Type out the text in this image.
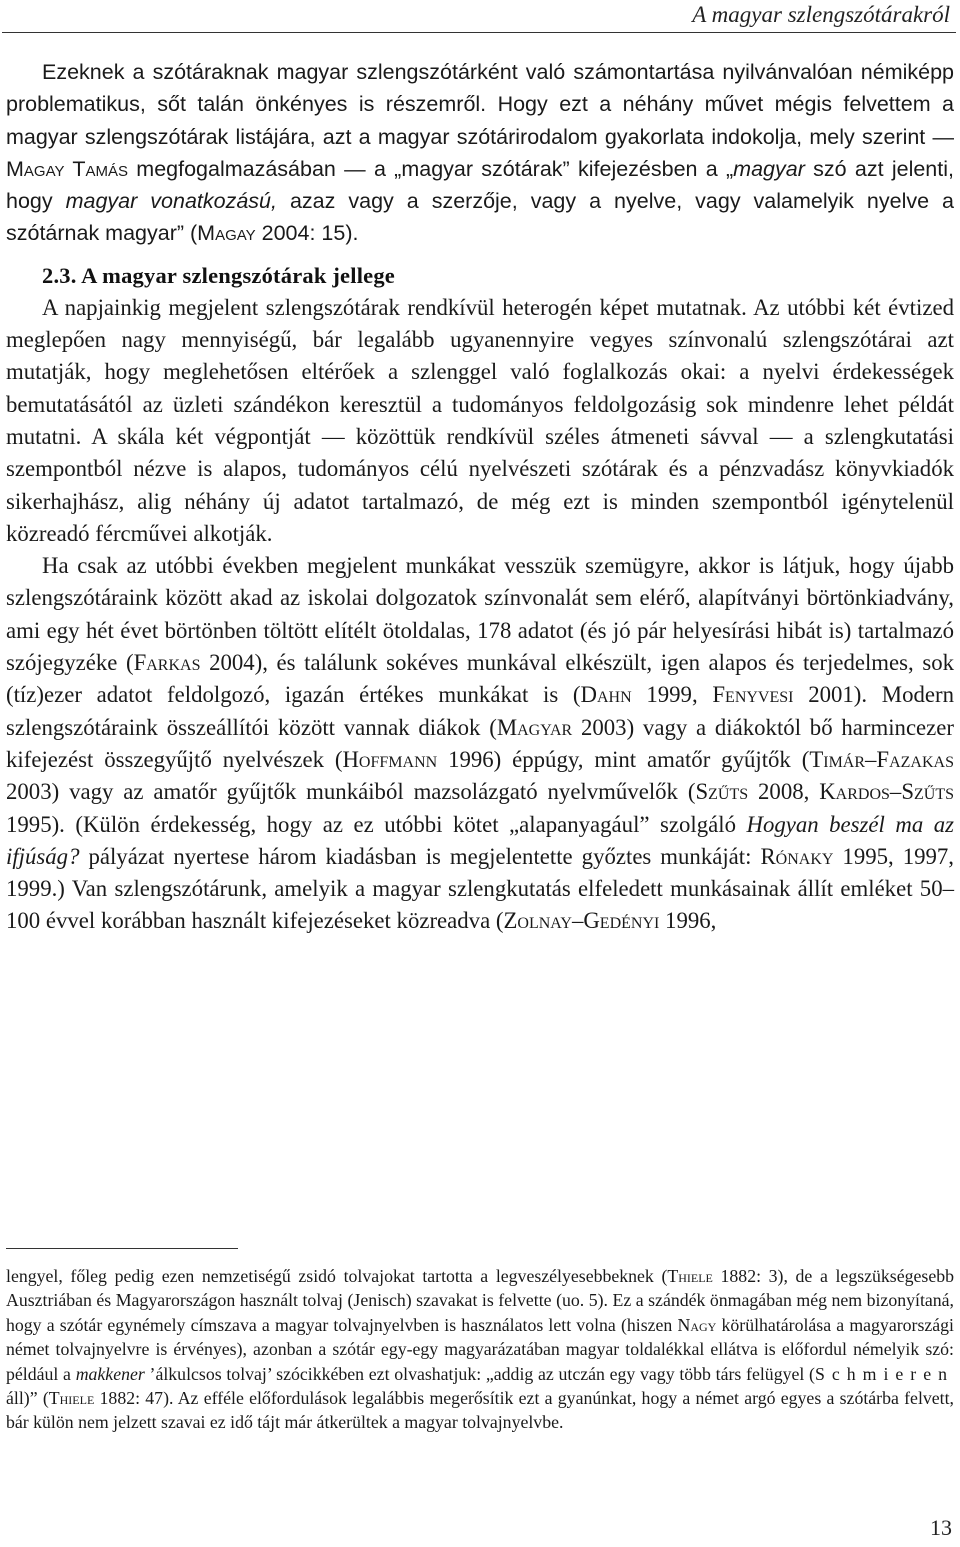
A magyar szlengszótárakról

Ezeknek a szótáraknak magyar szlengszótárként való számontartása nyilvánvalóan némiképp problematikus, sőt talán önkényes is részemről. Hogy ezt a néhány művet mégis felvettem a magyar szlengszótárak listájára, azt a magyar szótárirodalom gyakorlata indokolja, mely szerint — Magay Tamás megfogalmazásában — a „magyar szótárak” kifejezésben a „magyar szó azt jelenti, hogy magyar vonatkozású, azaz vagy a szerzője, vagy a nyelve, vagy valamelyik nyelve a szótárnak magyar” (Magay 2004: 15).

2.3. A magyar szlengszótárak jellege

A napjainkig megjelent szlengszótárak rendkívül heterogén képet mutatnak. Az utóbbi két évtized meglepően nagy mennyiségű, bár legalább ugyanennyire vegyes színvonalú szlengszótárai azt mutatják, hogy meglehetősen eltérőek a szlenggel való foglalkozás okai: a nyelvi érdekességek bemutatásától az üzleti szándékon keresztül a tudományos feldolgozásig sok mindenre lehet példát mutatni. A skála két végpontját — közöttük rendkívül széles átmeneti sávval — a szlengkutatási szempontból nézve is alapos, tudományos célú nyelvészeti szótárak és a pénzvadász könyvkiadók sikerhajhász, alig néhány új adatot tartalmazó, de még ezt is minden szempontból igénytelenül közreadó fércművei alkotják.

Ha csak az utóbbi években megjelent munkákat vesszük szemügyre, akkor is látjuk, hogy újabb szlengszótáraink között akad az iskolai dolgozatok színvonalát sem elérő, alapítványi börtönkiadvány, ami egy hét évet börtönben töltött elítélt ötoldalas, 178 adatot (és jó pár helyesírási hibát is) tartalmazó szójegyzéke (Farkas 2004), és találunk sokéves munkával elkészült, igen alapos és terjedelmes, sok (tíz)ezer adatot feldolgozó, igazán értékes munkákat is (Dahn 1999, Fenyvesi 2001). Modern szlengszótáraink összeállítói között vannak diákok (Magyar 2003) vagy a diákoktól bő harmincezer kifejezést összegyűjtő nyelvészek (Hoffmann 1996) éppúgy, mint amatőr gyűjtők (Timár–Fazakas 2003) vagy az amatőr gyűjtők munkáiból mazsolázgató nyelvművelők (Szűts 2008, Kardos–Szűts 1995). (Külön érdekesség, hogy az ez utóbbi kötet „alapanyagául” szolgáló Hogyan beszél ma az ifjúság? pályázat nyertese három kiadásban is megjelentette győztes munkáját: Rónaky 1995, 1997, 1999.) Van szlengszótárunk, amelyik a magyar szlengkutatás elfeledett munkásainak állít emléket 50–100 évvel korábban használt kifejezéseket közreadva (Zolnay–Gedényi 1996,

lengyel, főleg pedig ezen nemzetiségű zsidó tolvajokat tartotta a legveszélyesebbeknek (Thiele 1882: 3), de a legszükségesebb Ausztriában és Magyarországon használt tolvaj (Jenisch) szavakat is felvette (uo. 5). Ez a szándék önmagában még nem bizonyítaná, hogy a szótár egynémely címszava a magyar tolvajnyelvben is használatos lett volna (hiszen Nagy körülhatárolása a magyarországi német tolvajnyelvre is érvényes), azonban a szótár egy-egy magyarázatában magyar toldalékkal ellátva is előfordul némelyik szó: például a makkener ’álkulcsos tolvaj’ szócikkében ezt olvashatjuk: „addig az utczán egy vagy több társ felügyel (Schmieren áll)” (Thiele 1882: 47). Az efféle előfordulások legalábbis megerősítik ezt a gyanúnkat, hogy a német argó egyes a szótárba felvett, bár külön nem jelzett szavai ez idő tájt már átkerültek a magyar tolvajnyelvbe.

13
